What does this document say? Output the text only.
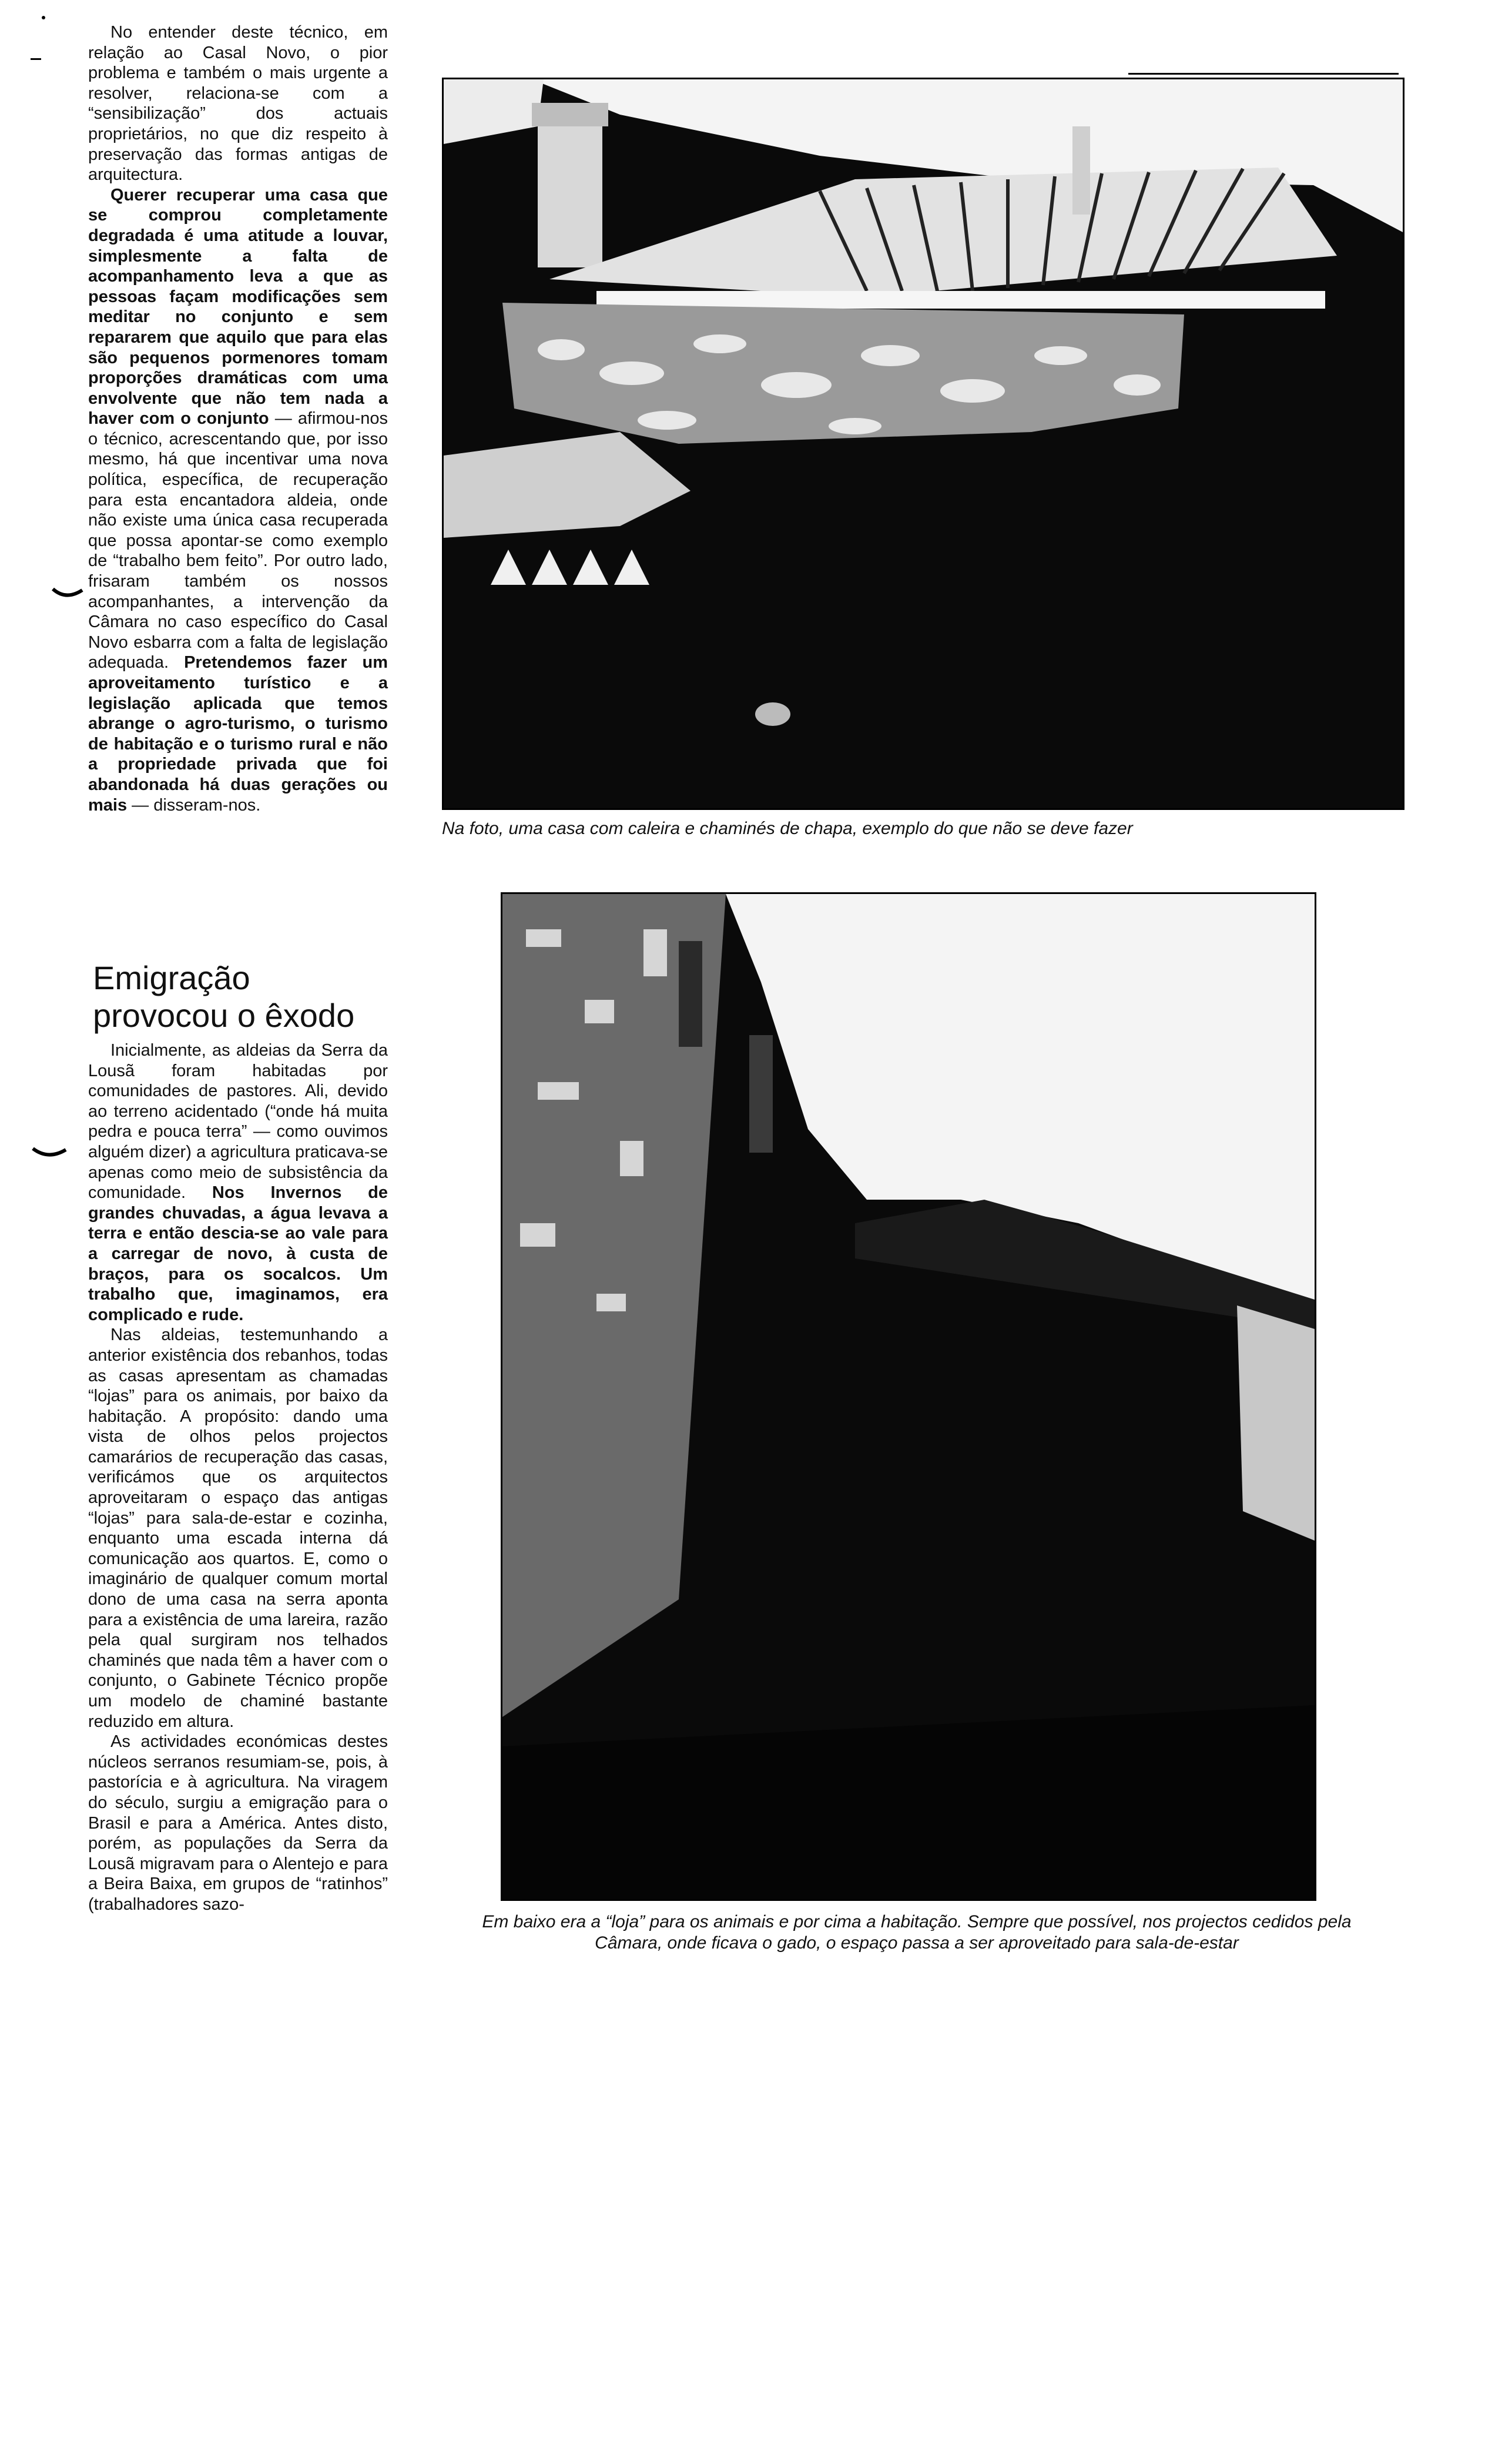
No entender deste técnico, em relação ao Casal Novo, o pior problema e também o mais urgente a resolver, relaciona-se com a “sensibilização” dos actuais proprietários, no que diz respeito à preservação das formas antigas de arquitectura.

Querer recuperar uma casa que se comprou completamente degradada é uma atitude a louvar, simplesmente a falta de acompanhamento leva a que as pessoas façam modificações sem meditar no conjunto e sem repararem que aquilo que para elas são pequenos pormenores tomam proporções dramáticas com uma envolvente que não tem nada a haver com o conjunto — afirmou-nos o técnico, acrescentando que, por isso mesmo, há que incentivar uma nova política, específica, de recuperação para esta encantadora aldeia, onde não existe uma única casa recuperada que possa apontar-se como exemplo de “trabalho bem feito”. Por outro lado, frisaram também os nossos acompanhantes, a intervenção da Câmara no caso específico do Casal Novo esbarra com a falta de legislação adequada. Pretendemos fazer um aproveitamento turístico e a legislação aplicada que temos abrange o agro-turismo, o turismo de habitação e o turismo rural e não a propriedade privada que foi abandonada há duas gerações ou mais — disseram-nos.

Emigração provocou o êxodo

Inicialmente, as aldeias da Serra da Lousã foram habitadas por comunidades de pastores. Ali, devido ao terreno acidentado (“onde há muita pedra e pouca terra” — como ouvimos alguém dizer) a agricultura praticava-se apenas como meio de subsistência da comunidade. Nos Invernos de grandes chuvadas, a água levava a terra e então descia-se ao vale para a carregar de novo, à custa de braços, para os socalcos. Um trabalho que, imaginamos, era complicado e rude.

Nas aldeias, testemunhando a anterior existência dos rebanhos, todas as casas apresentam as chamadas “lojas” para os animais, por baixo da habitação. A propósito: dando uma vista de olhos pelos projectos camarários de recuperação das casas, verificámos que os arquitectos aproveitaram o espaço das antigas “lojas” para sala-de-estar e cozinha, enquanto uma escada interna dá comunicação aos quartos. E, como o imaginário de qualquer comum mortal dono de uma casa na serra aponta para a existência de uma lareira, razão pela qual surgiram nos telhados chaminés que nada têm a haver com o conjunto, o Gabinete Técnico propõe um modelo de chaminé bastante reduzido em altura.

As actividades económicas destes núcleos serranos resumiam-se, pois, à pastorícia e à agricultura. Na viragem do século, surgiu a emigração para o Brasil e para a América. Antes disto, porém, as populações da Serra da Lousã migravam para o Alentejo e para a Beira Baixa, em grupos de “ratinhos” (trabalhadores sazo-

Na foto, uma casa com caleira e chaminés de chapa, exemplo do que não se deve fazer
Em baixo era a “loja” para os animais e por cima a habitação. Sempre que possível, nos projectos cedidos pela Câmara, onde ficava o gado, o espaço passa a ser aproveitado para sala-de-estar
